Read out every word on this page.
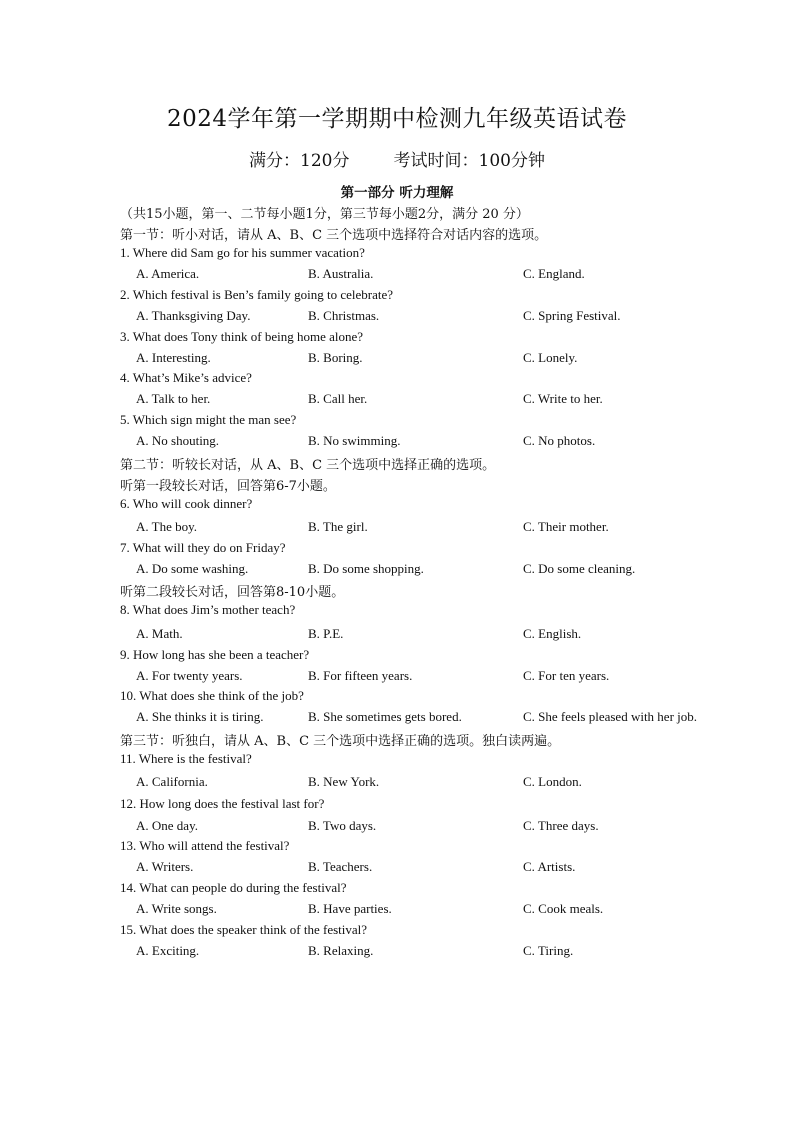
2024学年第一学期期中检测九年级英语试卷
满分：120分	考试时间：100分钟
第一部分 听力理解
（共15小题，第一、二节每小题1分，第三节每小题2分，满分 20 分）
第一节：听小对话，请从 A、B、C 三个选项中选择符合对话内容的选项。
1. Where did Sam go for his summer vacation?
A. America.	B. Australia.	C. England.
2. Which festival is Ben’s family going to celebrate?
A. Thanksgiving Day.	B. Christmas.	C. Spring Festival.
3. What does Tony think of being home alone?
A. Interesting.	B. Boring.	C. Lonely.
4. What’s Mike’s advice?
A. Talk to her.	B. Call her.	C. Write to her.
5. Which sign might the man see?
A. No shouting.	B. No swimming.	C. No photos.
第二节：听较长对话，从 A、B、C 三个选项中选择正确的选项。
听第一段较长对话，回答第6-7小题。
6. Who will cook dinner?
A. The boy.	B. The girl.	C. Their mother.
7. What will they do on Friday?
A. Do some washing.	B. Do some shopping.	C. Do some cleaning.
听第二段较长对话，回答第8-10小题。
8. What does Jim’s mother teach?
A. Math.	B. P.E.	C. English.
9. How long has she been a teacher?
A. For twenty years.	B. For fifteen years.	C. For ten years.
10. What does she think of the job?
A. She thinks it is tiring.	B. She sometimes gets bored.	C. She feels pleased with her job.
第三节：听独白，请从 A、B、C 三个选项中选择正确的选项。独白读两遍。
11. Where is the festival?
A. California.	B. New York.	C. London.
12. How long does the festival last for?
A. One day.	B. Two days.	C. Three days.
13. Who will attend the festival?
A. Writers.	B. Teachers.	C. Artists.
14. What can people do during the festival?
A. Write songs.	B. Have parties.	C. Cook meals.
15. What does the speaker think of the festival?
A. Exciting.	B. Relaxing.	C. Tiring.
